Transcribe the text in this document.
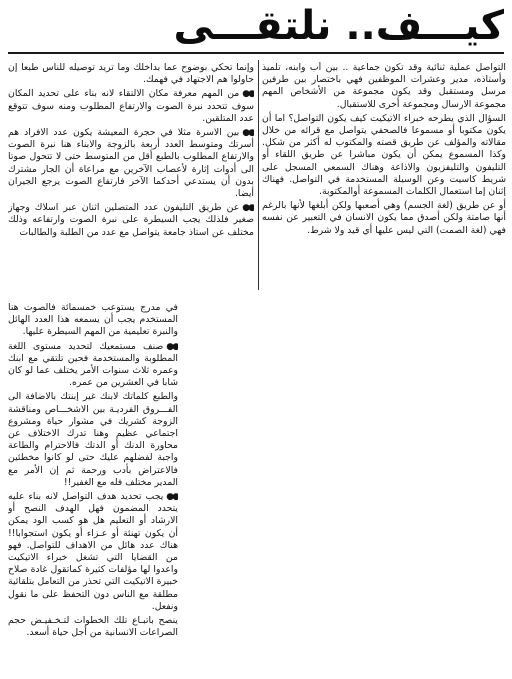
كيـــف.. نلتقـــى

التواصل عملية ثنائية وقد تكون جماعية .. بين أب وابنه، تلميذ وأستاذه، مدير وعشرات الموظفين فهي باختصار بين طرفين مرسل ومستقبل وقد يكون مجموعة من الأشخاص المهم مجموعة الارسال ومجموعة أخرى للاستقبال.

السؤال الذي يطرحه خبراء الاتيكيت كيف يكون التواصل؟ اما أن يكون مكتوبا أو مسموعا فالصحفي يتواصل مع قرائه من خلال مقالاته والمؤلف عن طريق قصته والمكتوب له أكثر من شكل. وكذا المسموع يمكن أن يكون مباشرا عن طريق اللقاء أو التليفون والتليفزيون والاذاعة وهناك السمعي المسجل على شريط كاسيت وعن الوسيلة المستخدمة في التواصل. فهناك إثنان إما استعمال الكلمات المسموعة أوالمكتوبة.

أو عن طريق (لغة الجسم) وهي أصعبها ولكن أبلغها لأنها بالرغم أنها صامتة ولكن أصدق مما يكون الانسان في التعبير عن نفسه فهي (لغة الصمت) التي ليس عليها أي قيد ولا شرط.

وإنما تحكي بوضوح عما بداخلك وما تريد توصيله للناس طبعا إن حاولوا هم الاجتهاد في فهمك.

●●من المهم معرفة مكان الالتقاء لانه بناء على تحديد المكان سوف تتحدد نبرة الصوت والارتفاع المطلوب ومنه سوف تتوقع عدد المتلقين.

●●بين الاسرة مثلا في حجرة المعيشة يكون عدد الافراد هم أسرتك ومتوسط العدد أربعة بالزوجة والابناء هنا نبرة الصوت والارتفاع المطلوب بالطبع أقل من المتوسط حتى لا تتحول صوتا الى أدوات إثارة لأعصاب الآخرين مع مراعاة أن الجار مشترك بدون أن يستدعي أحدكما الآخر فارتفاع الصوت يرجع الجيران أيضا.

●●عن طريق التليفون عدد المتصلين اثنان عبر اسلاك وجهاز صغير فلذلك يجب السيطرة على نبرة الصوت وارتفاعه وذلك مختلف عن استاذ جامعة يتواصل مع عدد من الطلبة والطالبات

في مدرج يستوعب خمسمائة فالصوت هنا المستخدم يجب أن يسمعه هذا العدد الهائل والنبرة تعليمية من المهم السيطرة عليها.

●●صنف مستمعيك لتحديد مستوى اللغة المطلوبة والمستخدمة فحين تلتقي مع ابنك وعمره ثلاث سنوات الأمر يختلف عما لو كان شابا في العشرين من عمره.

والطبع كلماتك لابنك غير إبنتك بالاضافة الى الفـــروق الفرديـة بين الاشخـــاص ومناقشة الزوجة كشريك في مشوار حياة ومشروع اجتماعي عظيم وهنا تدرك الاختلاف عن محاورة الدنك أو الدتك فالاحترام والطاعة واجبة لفضلهم عليك حتى لو كانوا مخطئين فالاعتراض بأدب ورحمة ثم إن الأمر مع المدير مختلف فله مع الغفير!!

●●يجب تحديد هدف التواصل لانه بناء عليه يتحدد المضمون فهل الهدف النصح أو الارشاد أو التعليم هل هو كسب الود يمكن أن يكون تهنئة أو عـزاء أو يكون استجوابا!! هناك عدد هائل من الاهداف للتواصل. فهو من القضايا التي تشغل خبراء الاتيكيت واعدوا لها مؤلفات كثيرة كماتقول غادة صلاح خبيرة الاتيكيت التي تحذر من التعامل بتلقائية مطلقة مع الناس دون التحفظ على ما نقول ونفعل.

ينصح باتبـاع تلك الخطوات لتـخـفيـض حجم الصراعات الانسانية من أجل حياة أسعد.
